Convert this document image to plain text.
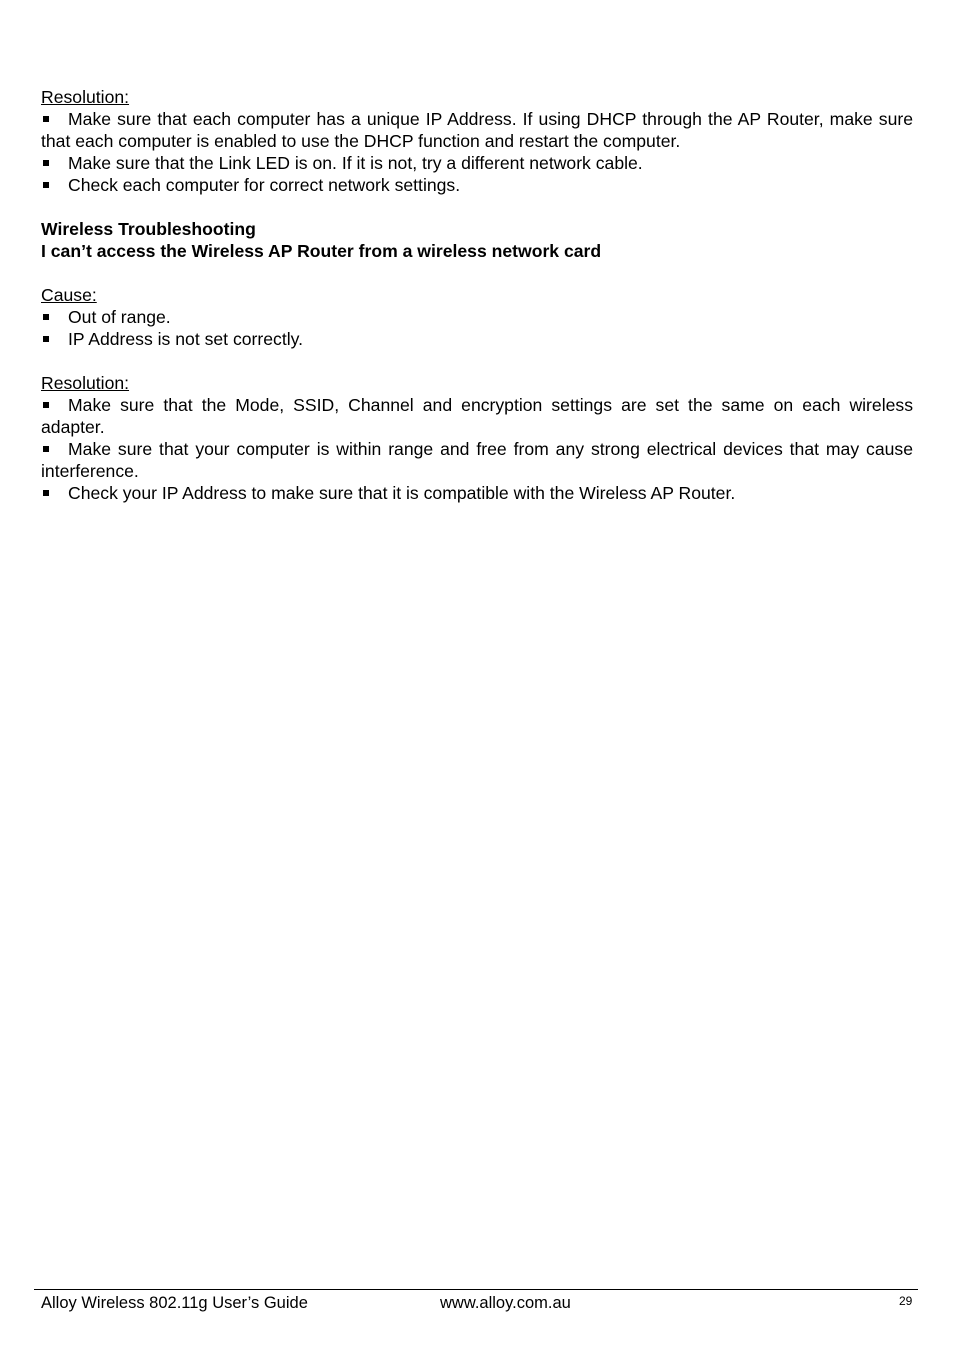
Resolution:

Make sure that each computer has a unique IP Address. If using DHCP through the AP Router, make sure that each computer is enabled to use the DHCP function and restart the computer.
Make sure that the Link LED is on. If it is not, try a different network cable.
Check each computer for correct network settings.

Wireless Troubleshooting

I can’t access the Wireless AP Router from a wireless network card

Cause:

Out of range.
IP Address is not set correctly.

Resolution:

Make sure that the Mode, SSID, Channel and encryption settings are set the same on each wireless adapter.
Make sure that your computer is within range and free from any strong electrical devices that may cause interference.
Check your IP Address to make sure that it is compatible with the Wireless AP Router.
Alloy Wireless 802.11g User’s Guide	www.alloy.com.au	29
